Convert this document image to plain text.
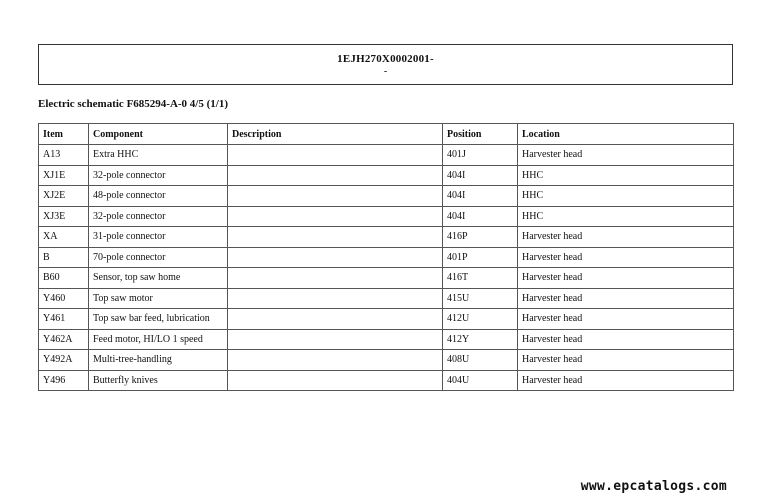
1EJH270X0002001-
-
Electric schematic F685294-A-0 4/5 (1/1)
Item	Component	Description	Position	Location
A13	Extra HHC		401J	Harvester head
XJ1E	32-pole connector		404I	HHC
XJ2E	48-pole connector		404I	HHC
XJ3E	32-pole connector		404I	HHC
XA	31-pole connector		416P	Harvester head
B	70-pole connector		401P	Harvester head
B60	Sensor, top saw home		416T	Harvester head
Y460	Top saw motor		415U	Harvester head
Y461	Top saw bar feed, lubrication		412U	Harvester head
Y462A	Feed motor, HI/LO 1 speed		412Y	Harvester head
Y492A	Multi-tree-handling		408U	Harvester head
Y496	Butterfly knives		404U	Harvester head
www.epcatalogs.com
